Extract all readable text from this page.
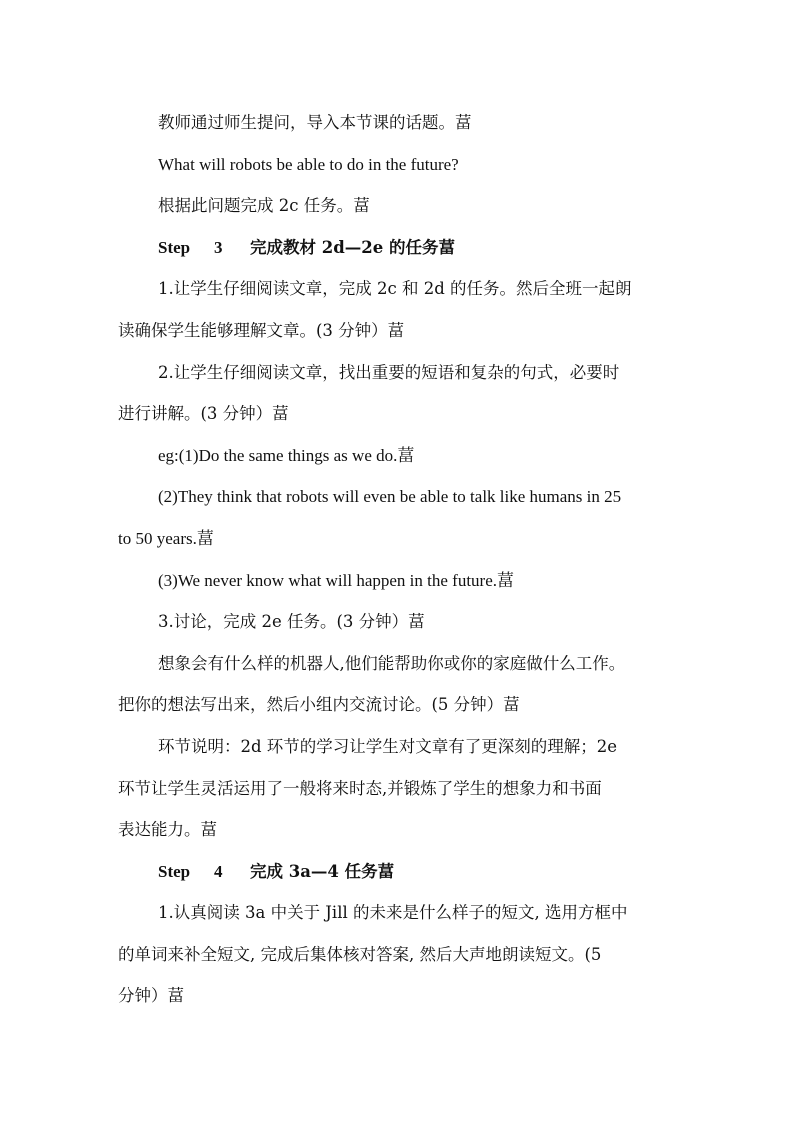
教师通过师生提问，导入本节课的话题。葍

What will robots be able to do in the future?

根据此问题完成 2c 任务。葍

Step 3 完成教材 2d—2e 的任务葍

1.让学生仔细阅读文章，完成 2c 和 2d 的任务。然后全班一起朗

读确保学生能够理解文章。(3 分钟）葍

2.让学生仔细阅读文章，找出重要的短语和复杂的句式，必要时

进行讲解。(3 分钟）葍

eg:(1)Do the same things as we do.葍

(2)They think that robots will even be able to talk like humans in 25

to 50 years.葍

(3)We never know what will happen in the future.葍

3.讨论，完成 2e 任务。(3 分钟）葍

想象会有什么样的机器人,他们能帮助你或你的家庭做什么工作。

把你的想法写出来，然后小组内交流讨论。(5 分钟）葍

环节说明：2d 环节的学习让学生对文章有了更深刻的理解；2e

环节让学生灵活运用了一般将来时态,并锻炼了学生的想象力和书面

表达能力。葍

Step 4 完成 3a—4 任务葍

1.认真阅读 3a 中关于 Jill 的未来是什么样子的短文, 选用方框中

的单词来补全短文, 完成后集体核对答案, 然后大声地朗读短文。(5

分钟）葍
